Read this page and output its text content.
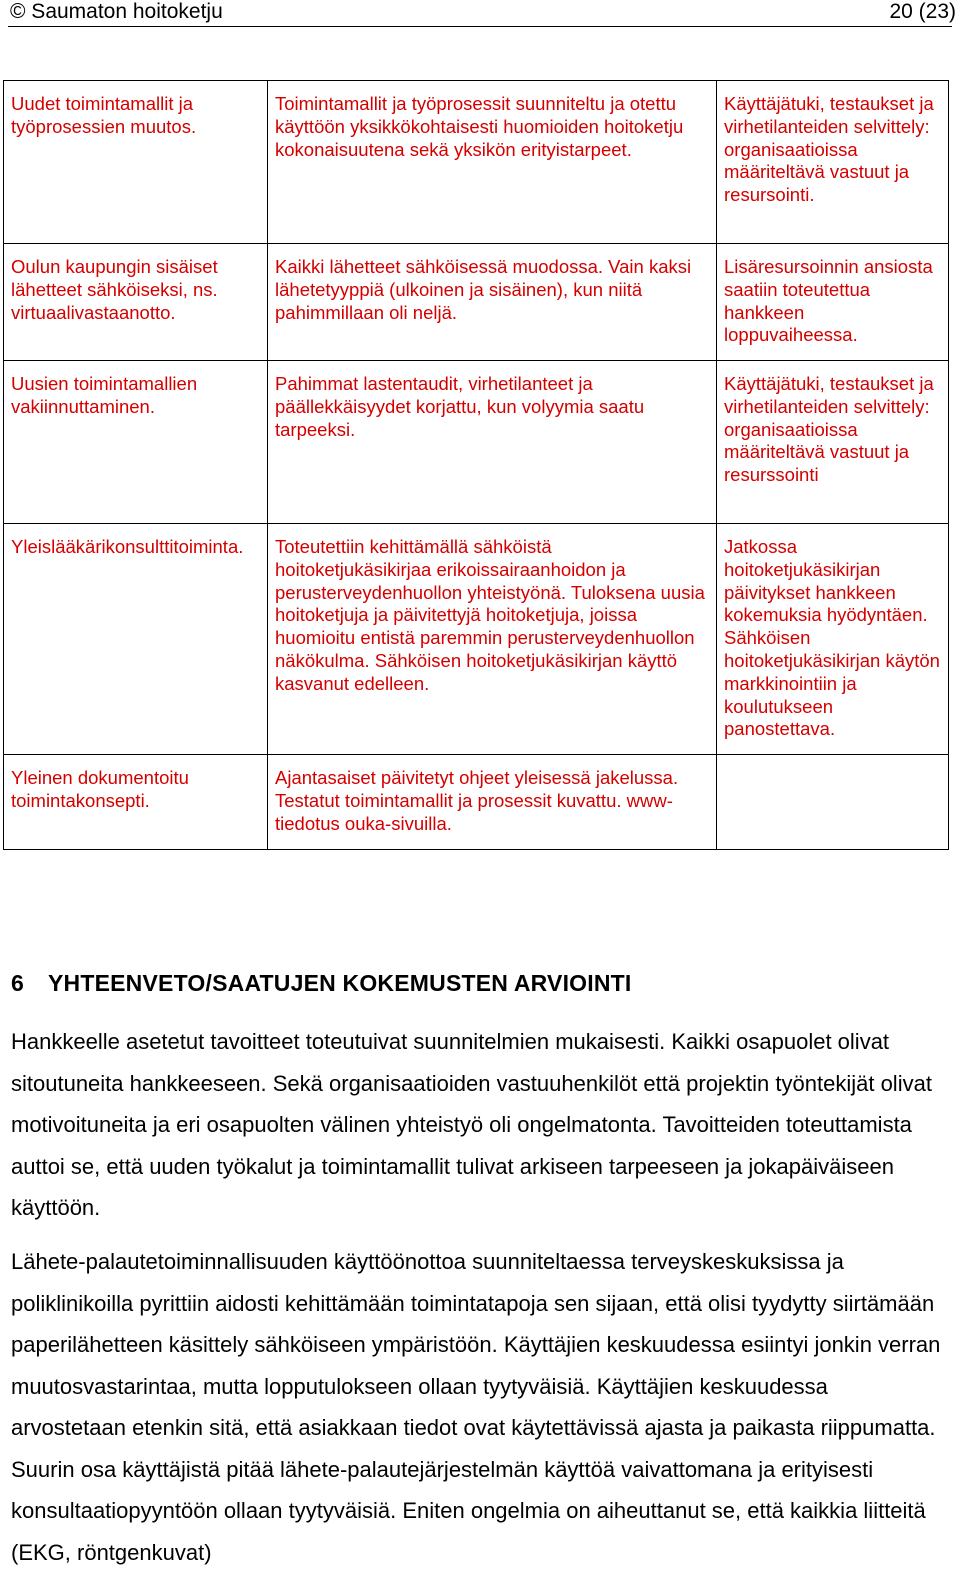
© Saumaton hoitoketju	20 (23)
Uudet toimintamallit ja työprosessien muutos.	Toimintamallit ja työprosessit suunniteltu ja otettu käyttöön yksikkökohtaisesti huomioiden hoitoketju kokonaisuutena sekä yksikön erityistarpeet.	Käyttäjätuki, testaukset ja virhetilanteiden selvittely: organisaatioissa määriteltävä vastuut ja resursointi.
Oulun kaupungin sisäiset lähetteet sähköiseksi, ns. virtuaalivastaanotto.	Kaikki lähetteet sähköisessä muodossa. Vain kaksi lähetetyyppiä (ulkoinen ja sisäinen), kun niitä pahimmillaan oli neljä.	Lisäresursoinnin ansiosta saatiin toteutettua hankkeen loppuvaiheessa.
Uusien toimintamallien vakiinnuttaminen.	Pahimmat lastentaudit, virhetilanteet ja päällekkäisyydet korjattu, kun volyymia saatu tarpeeksi.	Käyttäjätuki, testaukset ja virhetilanteiden selvittely: organisaatioissa määriteltävä vastuut ja resurssointi
Yleislääkärikonsulttitoiminta.	Toteutettiin kehittämällä sähköistä hoitoketjukäsikirjaa erikoissairaanhoidon ja perusterveydenhuollon yhteistyönä. Tuloksena uusia hoitoketjuja ja päivitettyjä hoitoketjuja, joissa huomioitu entistä paremmin perusterveydenhuollon näkökulma. Sähköisen hoitoketjukäsikirjan käyttö kasvanut edelleen.	Jatkossa hoitoketjukäsikirjan päivitykset hankkeen kokemuksia hyödyntäen. Sähköisen hoitoketjukäsikirjan käytön markkinointiin ja koulutukseen panostettava.
Yleinen dokumentoitu toimintakonsepti.	Ajantasaiset päivitetyt ohjeet yleisessä jakelussa. Testatut toimintamallit ja prosessit kuvattu. www-tiedotus ouka-sivuilla.	
6 YHTEENVETO/SAATUJEN KOKEMUSTEN ARVIOINTI

Hankkeelle asetetut tavoitteet toteutuivat suunnitelmien mukaisesti. Kaikki osapuolet olivat sitoutuneita hankkeeseen. Sekä organisaatioiden vastuuhenkilöt että projektin työntekijät olivat motivoituneita ja eri osapuolten välinen yhteistyö oli ongelmatonta. Tavoitteiden toteuttamista auttoi se, että uuden työkalut ja toimintamallit tulivat arkiseen tarpeeseen ja jokapäiväiseen käyttöön.

Lähete-palautetoiminnallisuuden käyttöönottoa suunniteltaessa terveyskeskuksissa ja poliklinikoilla pyrittiin aidosti kehittämään toimintatapoja sen sijaan, että olisi tyydytty siirtämään paperilähetteen käsittely sähköiseen ympäristöön. Käyttäjien keskuudessa esiintyi jonkin verran muutosvastarintaa, mutta lopputulokseen ollaan tyytyväisiä. Käyttäjien keskuudessa arvostetaan etenkin sitä, että asiakkaan tiedot ovat käytettävissä ajasta ja paikasta riippumatta. Suurin osa käyttäjistä pitää lähete-palautejärjestelmän käyttöä vaivattomana ja erityisesti konsultaatiopyyntöön ollaan tyytyväisiä. Eniten ongelmia on aiheuttanut se, että kaikkia liitteitä (EKG, röntgenkuvat)
